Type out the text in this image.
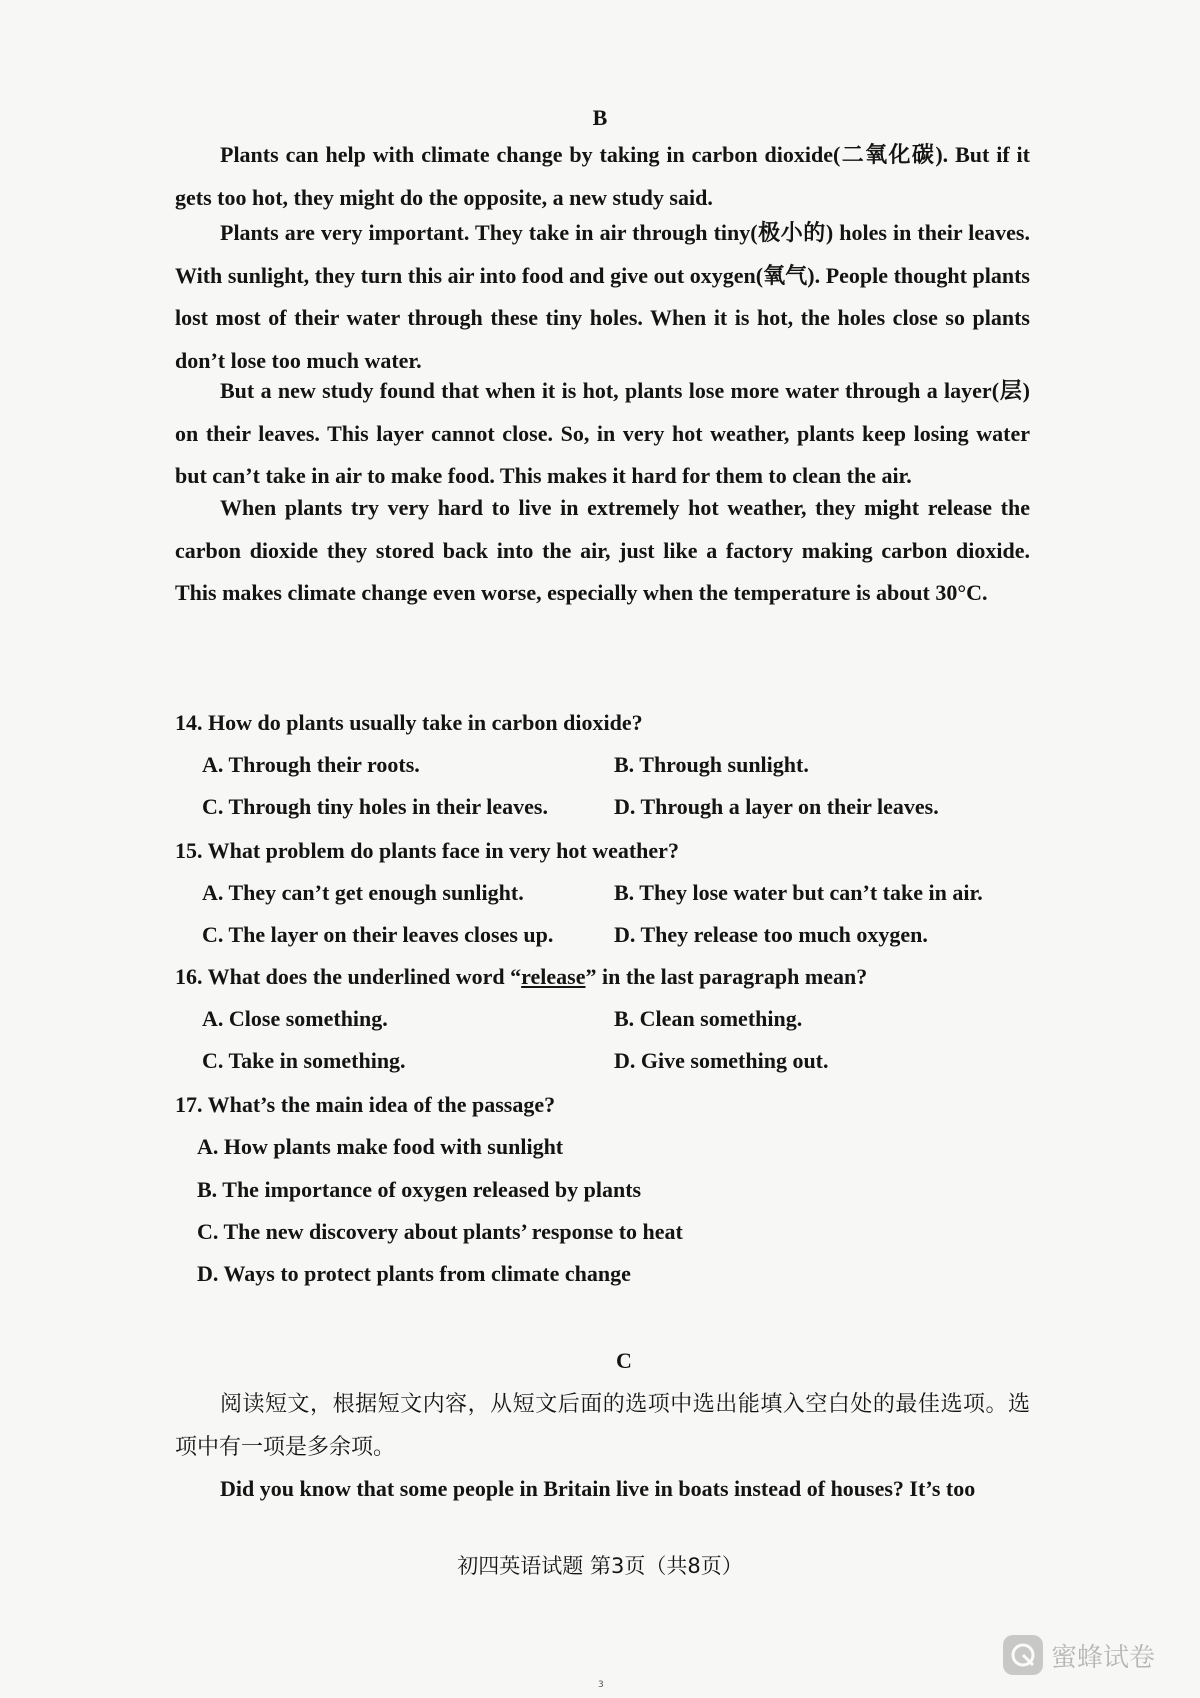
B

Plants can help with climate change by taking in carbon dioxide(二氧化碳). But if it gets too hot, they might do the opposite, a new study said.

Plants are very important. They take in air through tiny(极小的) holes in their leaves. With sunlight, they turn this air into food and give out oxygen(氧气). People thought plants lost most of their water through these tiny holes. When it is hot, the holes close so plants don’t lose too much water.

But a new study found that when it is hot, plants lose more water through a layer(层) on their leaves. This layer cannot close. So, in very hot weather, plants keep losing water but can’t take in air to make food. This makes it hard for them to clean the air.

When plants try very hard to live in extremely hot weather, they might release the carbon dioxide they stored back into the air, just like a factory making carbon dioxide. This makes climate change even worse, especially when the temperature is about 30°C.

14. How do plants usually take in carbon dioxide?
A. Through their roots.	B. Through sunlight.
C. Through tiny holes in their leaves.	D. Through a layer on their leaves.
15. What problem do plants face in very hot weather?
A. They can’t get enough sunlight.	B. They lose water but can’t take in air.
C. The layer on their leaves closes up.	D. They release too much oxygen.
16. What does the underlined word “release” in the last paragraph mean?
A. Close something.	B. Clean something.
C. Take in something.	D. Give something out.
17. What’s the main idea of the passage?
A. How plants make food with sunlight
B. The importance of oxygen released by plants
C. The new discovery about plants’ response to heat
D. Ways to protect plants from climate change
C

阅读短文，根据短文内容，从短文后面的选项中选出能填入空白处的最佳选项。选项中有一项是多余项。

Did you know that some people in Britain live in boats instead of houses? It’s too

初四英语试题 第3页（共8页）
蜜蜂试卷
3
